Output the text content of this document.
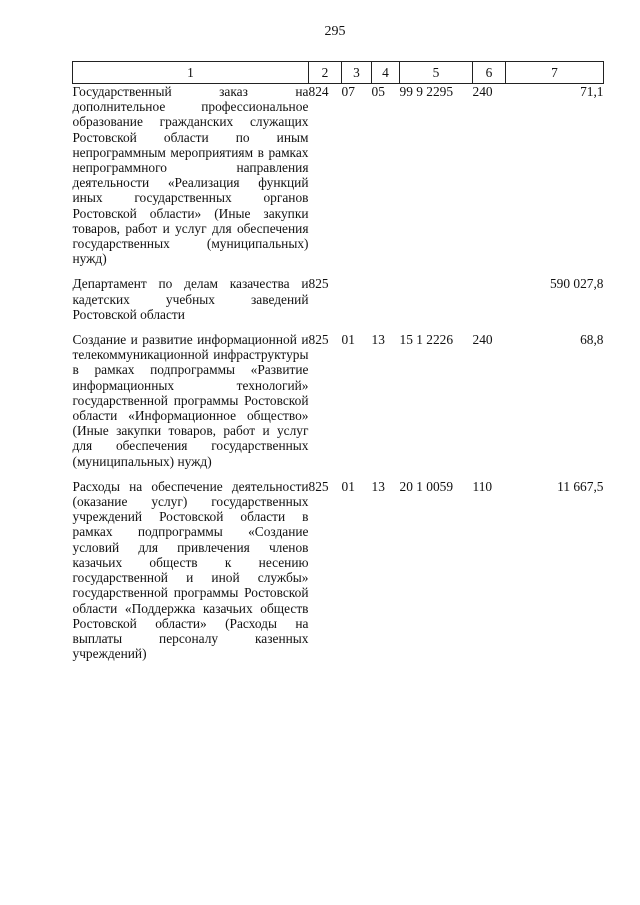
295
1	2	3	4	5	6	7
Государственный заказ на дополнительное профессиональное образование гражданских служащих Ростовской области по иным непрограммным мероприятиям в рамках непрограммного направления деятельности «Реализация функций иных государственных органов Ростовской области» (Иные закупки товаров, работ и услуг для обеспечения государственных (муниципальных) нужд)	824	07	05	99 9 2295	240	71,1

Департамент по делам казачества и кадетских учебных заведений Ростовской области	825					590 027,8

Создание и развитие информационной и телекоммуникационной инфраструктуры в рамках подпрограммы «Развитие информационных технологий» государственной программы Ростовской области «Информационное общество» (Иные закупки товаров, работ и услуг для обеспечения государственных (муниципальных) нужд)	825	01	13	15 1 2226	240	68,8

Расходы на обеспечение деятельности (оказание услуг) государственных учреждений Ростовской области в рамках подпрограммы «Создание условий для привлечения членов казачьих обществ к несению государственной и иной службы» государственной программы Ростовской области «Поддержка казачьих обществ Ростовской области» (Расходы на выплаты персоналу казенных учреждений)	825	01	13	20 1 0059	110	11 667,5
